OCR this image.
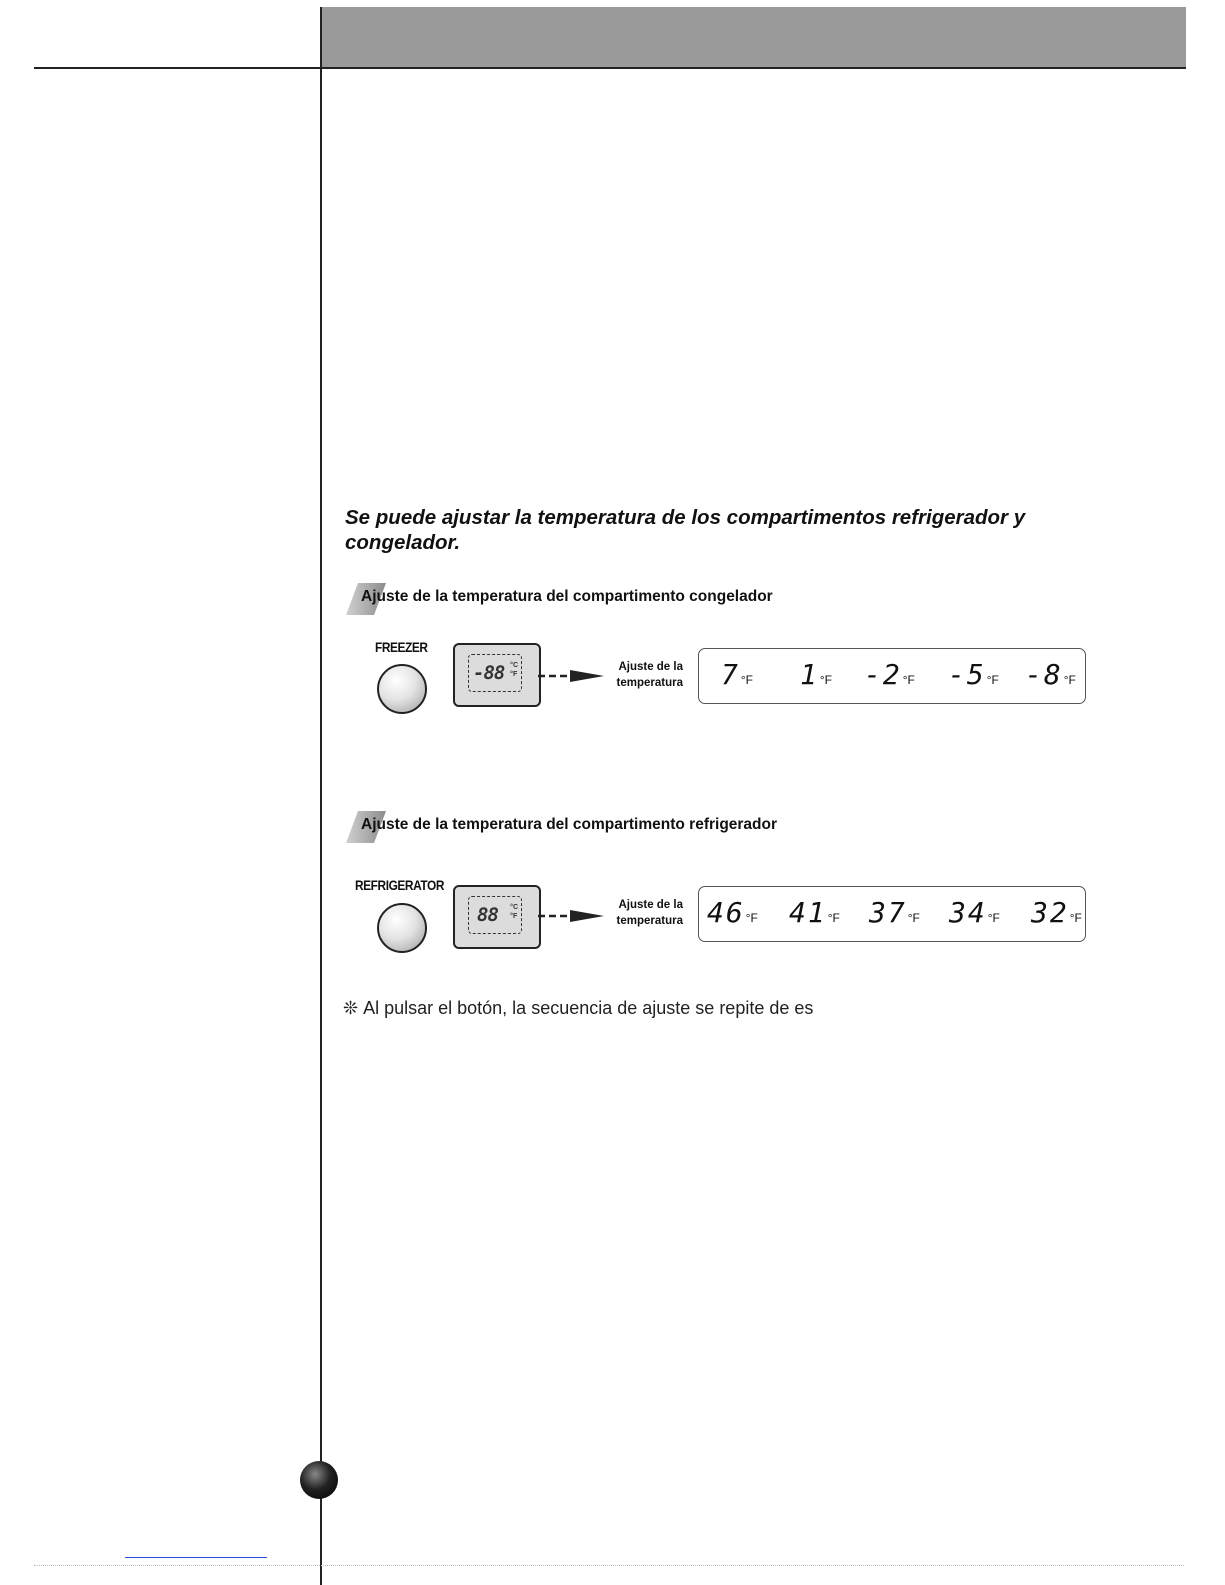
Se puede ajustar la temperatura de los compartimentos refrigerador y congelador.
Ajuste de la temperatura del compartimento congelador
FREEZER
-88 °C
°F
Ajuste de la
temperatura 7°F 1°F -2°F -5°F -8°F
Ajuste de la temperatura del compartimento refrigerador
REFRIGERATOR
88 °C
°F
Ajuste de la
temperatura 46°F 41°F 37°F 34°F 32°F
❊ Al pulsar el botón, la secuencia de ajuste se repite de es
